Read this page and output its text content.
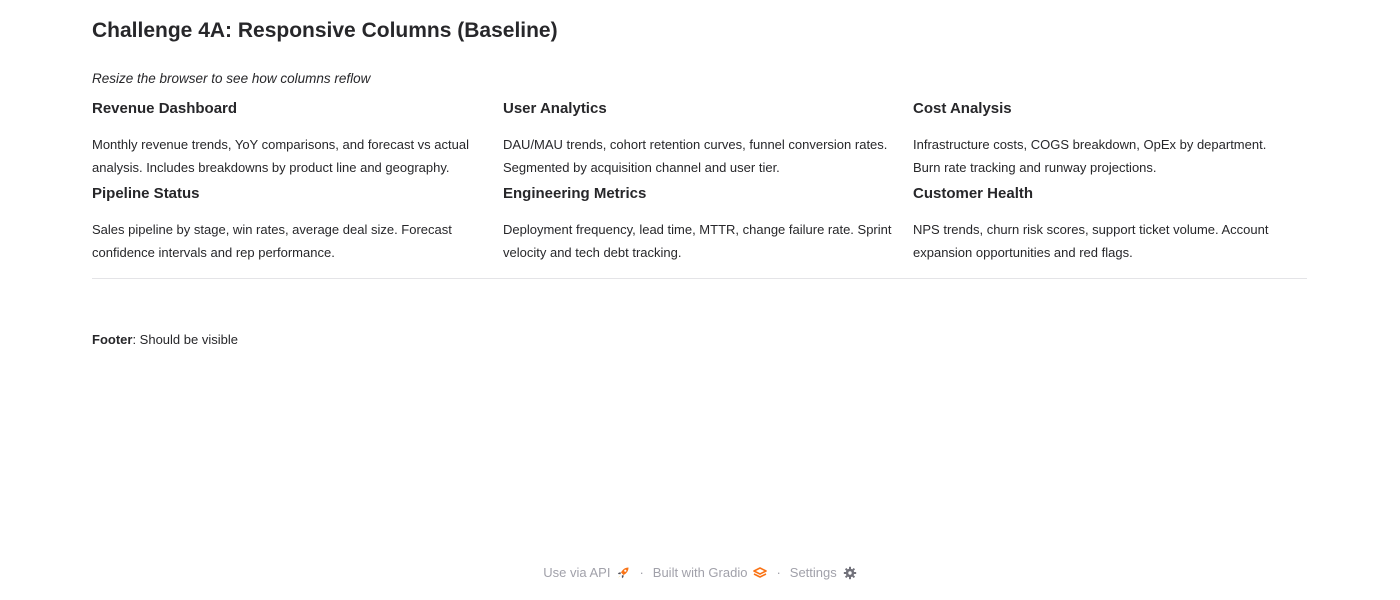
Challenge 4A: Responsive Columns (Baseline)

Resize the browser to see how columns reflow

Revenue Dashboard

Monthly revenue trends, YoY comparisons, and forecast vs actual analysis. Includes breakdowns by product line and geography.

User Analytics

DAU/MAU trends, cohort retention curves, funnel conversion rates. Segmented by acquisition channel and user tier.

Cost Analysis

Infrastructure costs, COGS breakdown, OpEx by department. Burn rate tracking and runway projections.

Pipeline Status

Sales pipeline by stage, win rates, average deal size. Forecast confidence intervals and rep performance.

Engineering Metrics

Deployment frequency, lead time, MTTR, change failure rate. Sprint velocity and tech debt tracking.

Customer Health

NPS trends, churn risk scores, support ticket volume. Account expansion opportunities and red flags.

Footer: Should be visible
Use via API · Built with Gradio · Settings
